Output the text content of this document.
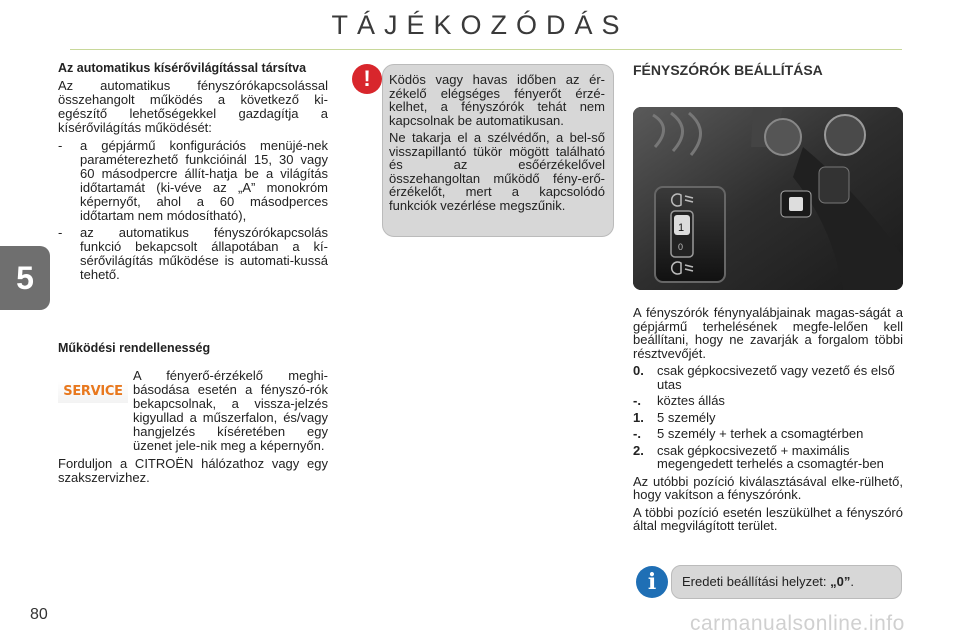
TÁJÉKOZÓDÁS
5
80
Az automatikus kísérővilágítással társítva

Az automatikus fényszórókapcsolással összehangolt működés a következő ki-egészítő lehetőségekkel gazdagítja a kísérővilágítás működését:

- a gépjármű konfigurációs menüjé-nek paraméterezhető funkcióinál 15, 30 vagy 60 másodpercre állít-hatja be a világítás időtartamát (ki-véve az „A” monokróm képernyőt, ahol a 60 másodperces időtartam nem módosítható),
- az automatikus fényszórókapcsolás funkció bekapcsolt állapotában a kí-sérővilágítás működése is automati-kussá tehető.
Működési rendellenesség
SERVICE

A fényerő-érzékelő meghi-básodása esetén a fényszó-rók bekapcsolnak, a vissza-jelzés kigyullad a műszerfalon, és/vagy hangjelzés kíséretében egy üzenet jele-nik meg a képernyőn.

Forduljon a CITROËN hálózathoz vagy egy szakszervizhez.

!	Ködös vagy havas időben az ér-zékelő elégséges fényerőt érzé-kelhet, a fényszórók tehát nem kapcsolnak be automatikusan.

Ne takarja el a szélvédőn, a bel-ső visszapillantó tükör mögött található és az esőérzékelővel összehangoltan működő fény-erő-érzékelőt, mert a kapcsolódó funkciók vezérlése megszűnik.

FÉNYSZÓRÓK BEÁLLÍTÁSA
1
0

A fényszórók fénynyalábjainak magas-ságát a gépjármű terhelésének megfe-lelően kell beállítani, hogy ne zavarják a forgalom többi résztvevőjét.

0. csak gépkocsivezető vagy vezető és első utas
-. köztes állás
1. 5 személy
-. 5 személy + terhek a csomagtérben
2. csak gépkocsivezető + maximális megengedett terhelés a csomagtér-ben

Az utóbbi pozíció kiválasztásával elke-rülhető, hogy vakítson a fényszórónk.

A többi pozíció esetén leszükülhet a fényszóró által megvilágított terület.

i	Eredeti beállítási helyzet: „0”.
carmanualsonline.info
